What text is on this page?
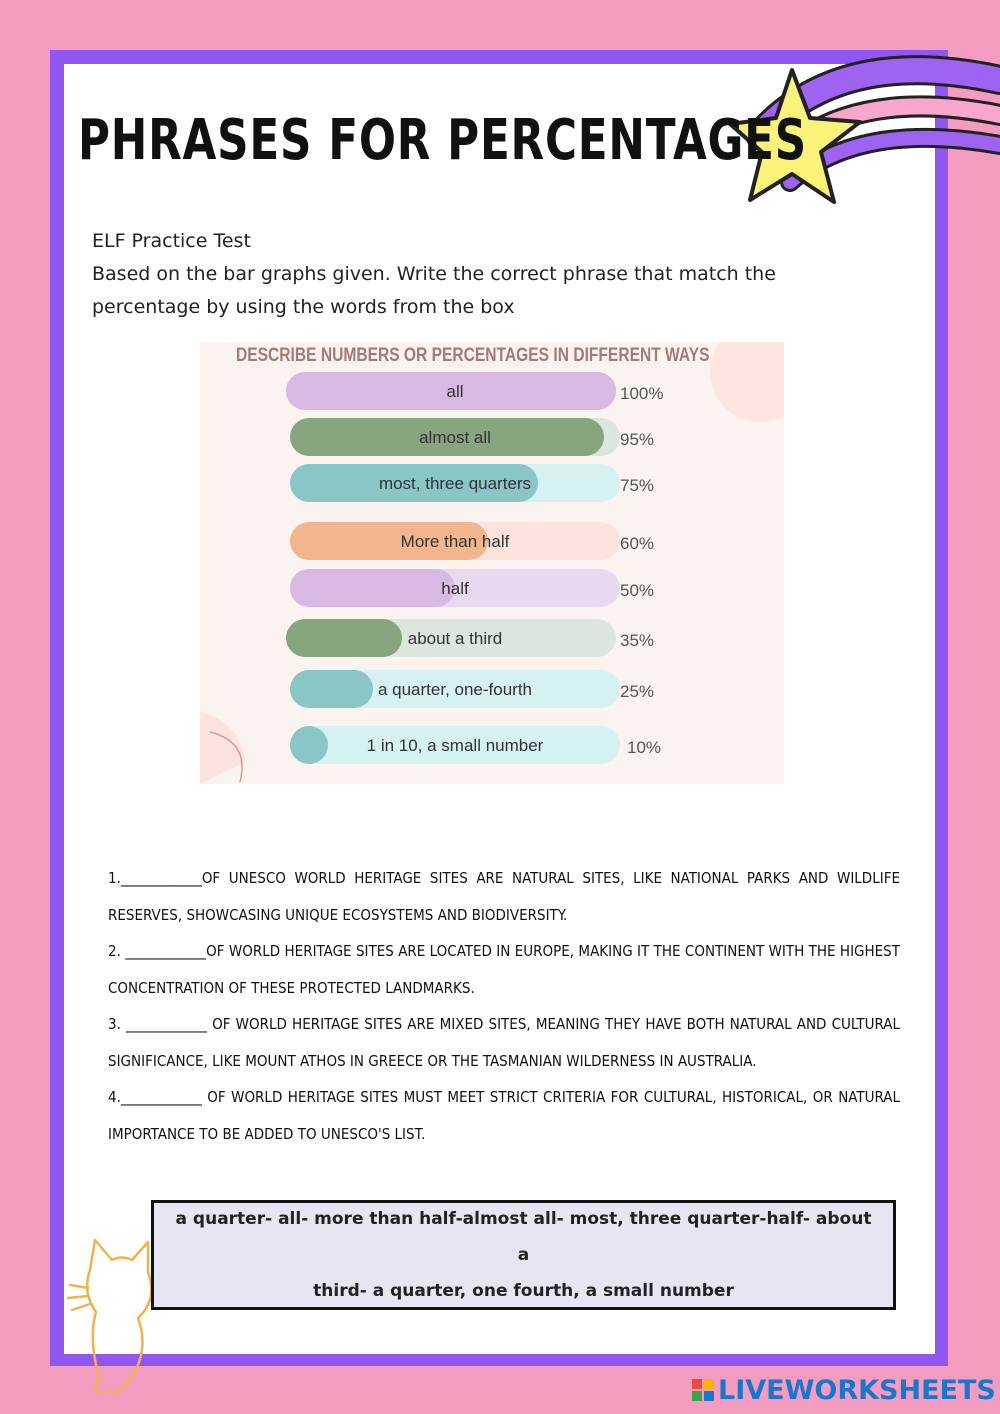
PHRASES FOR PERCENTAGES
ELF Practice Test
Based on the bar graphs given. Write the correct phrase that match the
percentage by using the words from the box
DESCRIBE NUMBERS OR PERCENTAGES IN DIFFERENT WAYS
all	100%
almost all	95%
most, three quarters	75%
More than half	60%
half	50%
about a third	35%
a quarter, one-fourth	25%
1 in 10, a small number	10%

1.____________OF UNESCO WORLD HERITAGE SITES ARE NATURAL SITES, LIKE NATIONAL PARKS AND WILDLIFE RESERVES, SHOWCASING UNIQUE ECOSYSTEMS AND BIODIVERSITY.

2. ____________OF WORLD HERITAGE SITES ARE LOCATED IN EUROPE, MAKING IT THE CONTINENT WITH THE HIGHEST CONCENTRATION OF THESE PROTECTED LANDMARKS.

3. ____________ OF WORLD HERITAGE SITES ARE MIXED SITES, MEANING THEY HAVE BOTH NATURAL AND CULTURAL SIGNIFICANCE, LIKE MOUNT ATHOS IN GREECE OR THE TASMANIAN WILDERNESS IN AUSTRALIA.

4.____________ OF WORLD HERITAGE SITES MUST MEET STRICT CRITERIA FOR CULTURAL, HISTORICAL, OR NATURAL IMPORTANCE TO BE ADDED TO UNESCO'S LIST.

a quarter- all- more than half-almost all- most, three quarter-half- about a
third- a quarter, one fourth, a small number
LIVEWORKSHEETS
